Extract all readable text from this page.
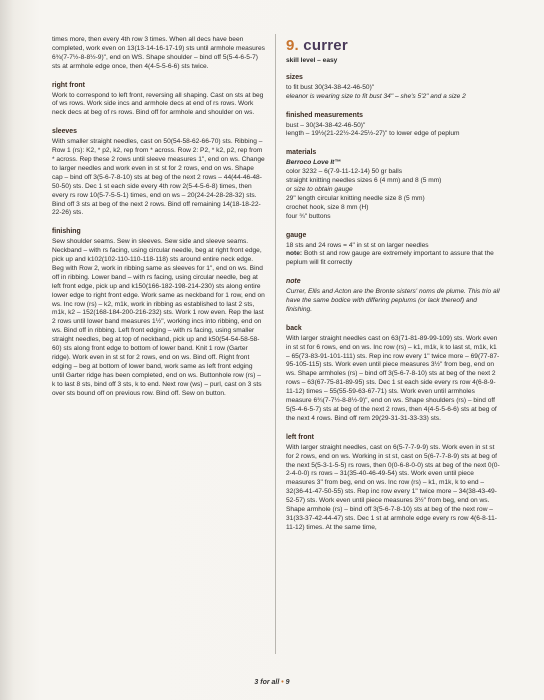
times more, then every 4th row 3 times. When all decs have been completed, work even on 13(13-14-16-17-19) sts until armhole measures 6¾(7-7½-8-8½-9)", end on WS. Shape shoulder – bind off 5(5-4-6-5-7) sts at armhole edge once, then 4(4-5-5-6-6) sts twice.

right front

Work to correspond to left front, reversing all shaping. Cast on sts at beg of ws rows. Work side incs and armhole decs at end of rs rows. Work neck decs at beg of rs rows. Bind off for armhole and shoulder on ws.

sleeves

With smaller straight needles, cast on 50(54-58-62-66-70) sts. Ribbing – Row 1 (rs): K2, * p2, k2, rep from * across. Row 2: P2, * k2, p2, rep from * across. Rep these 2 rows until sleeve measures 1", end on ws. Change to larger needles and work even in st st for 2 rows, end on ws. Shape cap – bind off 3(5-6-7-8-10) sts at beg of the next 2 rows – 44(44-46-48-50-50) sts. Dec 1 st each side every 4th row 2(5-4-5-6-8) times, then every rs row 10(5-7-5-5-1) times, end on ws – 20(24-24-28-28-32) sts. Bind off 3 sts at beg of the next 2 rows. Bind off remaining 14(18-18-22-22-26) sts.

finishing

Sew shoulder seams. Sew in sleeves. Sew side and sleeve seams. Neckband – with rs facing, using circular needle, beg at right front edge, pick up and k102(102-110-110-118-118) sts around entire neck edge. Beg with Row 2, work in ribbing same as sleeves for 1", end on ws. Bind off in ribbing. Lower band – with rs facing, using circular needle, beg at left front edge, pick up and k150(166-182-198-214-230) sts along entire lower edge to right front edge. Work same as neckband for 1 row, end on ws. Inc row (rs) – k2, m1k, work in ribbing as established to last 2 sts, m1k, k2 – 152(168-184-200-216-232) sts. Work 1 row even. Rep the last 2 rows until lower band measures 1½", working incs into ribbing, end on ws. Bind off in ribbing. Left front edging – with rs facing, using smaller straight needles, beg at top of neckband, pick up and k50(54-54-58-58-60) sts along front edge to bottom of lower band. Knit 1 row (Garter ridge). Work even in st st for 2 rows, end on ws. Bind off. Right front edging – beg at bottom of lower band, work same as left front edging until Garter ridge has been completed, end on ws. Buttonhole row (rs) – k to last 8 sts, bind off 3 sts, k to end. Next row (ws) – purl, cast on 3 sts over sts bound off on previous row. Bind off. Sew on button.

9. currer
skill level – easy
sizes
to fit bust 30(34-38-42-46-50)"
eleanor is wearing size to fit bust 34" – she's 5'2" and a size 2
finished measurements
bust – 30(34-38-42-46-50)"
length – 19½(21-22½-24-25½-27)" to lower edge of peplum
materials
Berroco Love It™
color 3232 – 6(7-9-11-12-14) 50 gr balls
straight knitting needles sizes 6 (4 mm) and 8 (5 mm)
or size to obtain gauge
29" length circular knitting needle size 8 (5 mm)
crochet hook, size 8 mm (H)
four ¾" buttons
gauge
18 sts and 24 rows = 4" in st st on larger needles

note: Both st and row gauge are extremely important to assure that the peplum will fit correctly

note

Currer, Ellis and Acton are the Bronte sisters' noms de plume. This trio all have the same bodice with differing peplums (or lack thereof) and finishing.

back

With larger straight needles cast on 63(71-81-89-99-109) sts. Work even in st st for 6 rows, end on ws. Inc row (rs) – k1, m1k, k to last st, m1k, k1 – 65(73-83-91-101-111) sts. Rep inc row every 1" twice more – 69(77-87-95-105-115) sts. Work even until piece measures 3½" from beg, end on ws. Shape armholes (rs) – bind off 3(5-6-7-8-10) sts at beg of the next 2 rows – 63(67-75-81-89-95) sts. Dec 1 st each side every rs row 4(6-8-9-11-12) times – 55(55-59-63-67-71) sts. Work even until armholes measure 6¾(7-7½-8-8½-9)", end on ws. Shape shoulders (rs) – bind off 5(5-4-6-5-7) sts at beg of the next 2 rows, then 4(4-5-5-6-6) sts at beg of the next 4 rows. Bind off rem 29(29-31-31-33-33) sts.

left front

With larger straight needles, cast on 6(5-7-7-9-9) sts. Work even in st st for 2 rows, end on ws. Working in st st, cast on 5(6-7-7-8-9) sts at beg of the next 5(5-3-1-5-5) rs rows, then 0(0-6-8-0-0) sts at beg of the next 0(0-2-4-0-0) rs rows – 31(35-40-46-49-54) sts. Work even until piece measures 3" from beg, end on ws. Inc row (rs) – k1, m1k, k to end – 32(36-41-47-50-55) sts. Rep inc row every 1" twice more – 34(38-43-49-52-57) sts. Work even until piece measures 3½" from beg, end on ws. Shape armhole (rs) – bind off 3(5-6-7-8-10) sts at beg of the next row – 31(33-37-42-44-47) sts. Dec 1 st at armhole edge every rs row 4(6-8-11-11-12) times. At the same time,

3 for all • 9
